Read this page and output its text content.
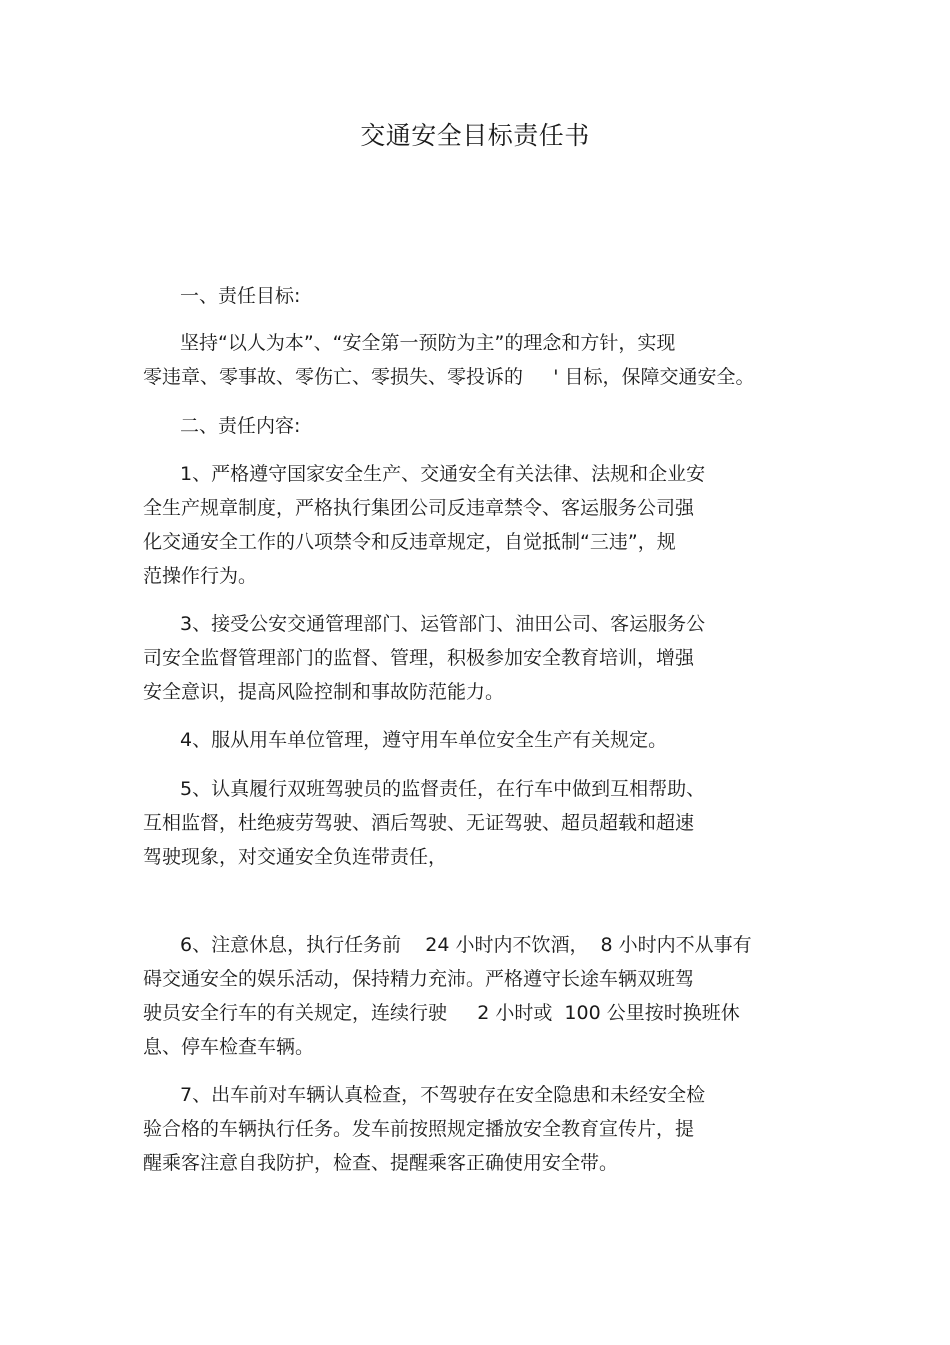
交通安全目标责任书
一、责任目标:
坚持“以人为本”、“安全第一预防为主”的理念和方针，实现
零违章、零事故、零伤亡、零损失、零投诉的     ' 目标，保障交通安全。
二、责任内容:
1、严格遵守国家安全生产、交通安全有关法律、法规和企业安
全生产规章制度，严格执行集团公司反违章禁令、客运服务公司强
化交通安全工作的八项禁令和反违章规定，自觉抵制“三违”，规
范操作行为。
3、接受公安交通管理部门、运管部门、油田公司、客运服务公
司安全监督管理部门的监督、管理，积极参加安全教育培训，增强
安全意识，提高风险控制和事故防范能力。
4、服从用车单位管理，遵守用车单位安全生产有关规定。
5、认真履行双班驾驶员的监督责任，在行车中做到互相帮助、
互相监督，杜绝疲劳驾驶、酒后驾驶、无证驾驶、超员超载和超速
驾驶现象，对交通安全负连带责任，
6、注意休息，执行任务前    24 小时内不饮酒，  8 小时内不从事有
碍交通安全的娱乐活动，保持精力充沛。严格遵守长途车辆双班驾
驶员安全行车的有关规定，连续行驶     2 小时或  100 公里按时换班休
息、停车检查车辆。
7、出车前对车辆认真检查，不驾驶存在安全隐患和未经安全检
验合格的车辆执行任务。发车前按照规定播放安全教育宣传片，提
醒乘客注意自我防护，检查、提醒乘客正确使用安全带。
